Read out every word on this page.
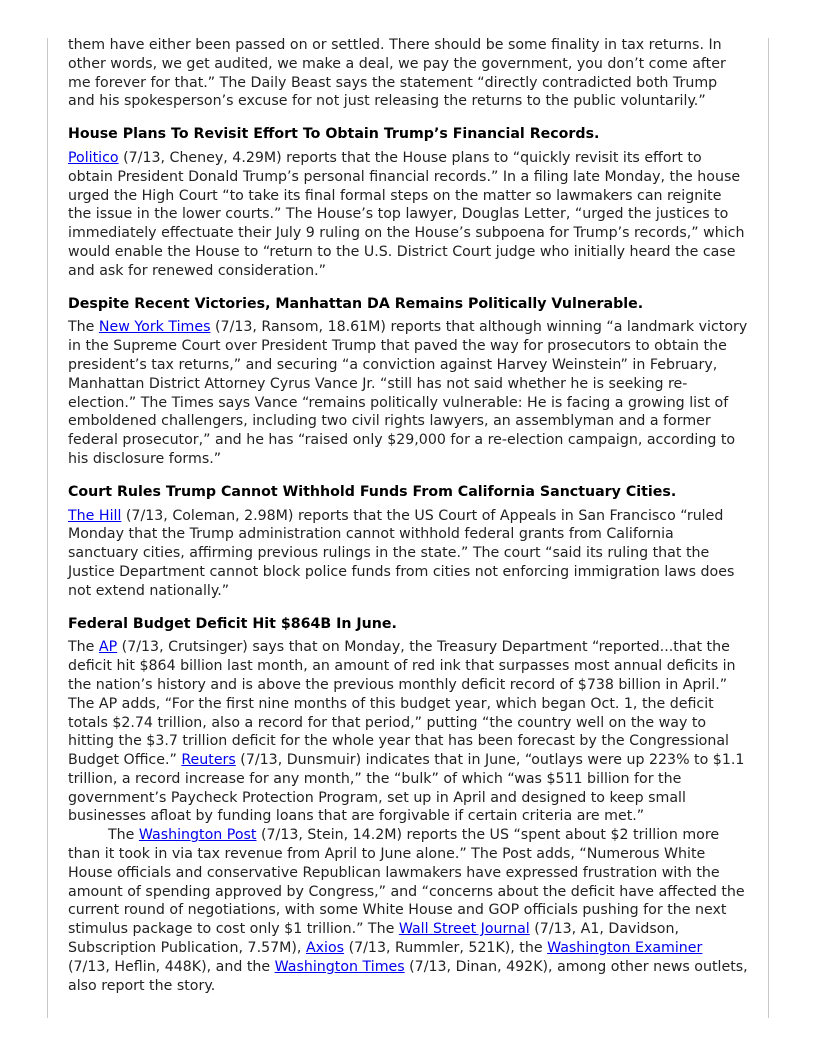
them have either been passed on or settled. There should be some finality in tax returns. In other words, we get audited, we make a deal, we pay the government, you don’t come after me forever for that.” The Daily Beast says the statement “directly contradicted both Trump and his spokesperson’s excuse for not just releasing the returns to the public voluntarily.”

House Plans To Revisit Effort To Obtain Trump’s Financial Records.

Politico (7/13, Cheney, 4.29M) reports that the House plans to “quickly revisit its effort to obtain President Donald Trump’s personal financial records.” In a filing late Monday, the house urged the High Court “to take its final formal steps on the matter so lawmakers can reignite the issue in the lower courts.” The House’s top lawyer, Douglas Letter, “urged the justices to immediately effectuate their July 9 ruling on the House’s subpoena for Trump’s records,” which would enable the House to “return to the U.S. District Court judge who initially heard the case and ask for renewed consideration.”

Despite Recent Victories, Manhattan DA Remains Politically Vulnerable.

The New York Times (7/13, Ransom, 18.61M) reports that although winning “a landmark victory in the Supreme Court over President Trump that paved the way for prosecutors to obtain the president’s tax returns,” and securing “a conviction against Harvey Weinstein” in February, Manhattan District Attorney Cyrus Vance Jr. “still has not said whether he is seeking re-election.” The Times says Vance “remains politically vulnerable: He is facing a growing list of emboldened challengers, including two civil rights lawyers, an assemblyman and a former federal prosecutor,” and he has “raised only $29,000 for a re-election campaign, according to his disclosure forms.”

Court Rules Trump Cannot Withhold Funds From California Sanctuary Cities.

The Hill (7/13, Coleman, 2.98M) reports that the US Court of Appeals in San Francisco “ruled Monday that the Trump administration cannot withhold federal grants from California sanctuary cities, affirming previous rulings in the state.” The court “said its ruling that the Justice Department cannot block police funds from cities not enforcing immigration laws does not extend nationally.”

Federal Budget Deficit Hit $864B In June.

The AP (7/13, Crutsinger) says that on Monday, the Treasury Department “reported...that the deficit hit $864 billion last month, an amount of red ink that surpasses most annual deficits in the nation’s history and is above the previous monthly deficit record of $738 billion in April.” The AP adds, “For the first nine months of this budget year, which began Oct. 1, the deficit totals $2.74 trillion, also a record for that period,” putting “the country well on the way to hitting the $3.7 trillion deficit for the whole year that has been forecast by the Congressional Budget Office.” Reuters (7/13, Dunsmuir) indicates that in June, “outlays were up 223% to $1.1 trillion, a record increase for any month,” the “bulk” of which “was $511 billion for the government’s Paycheck Protection Program, set up in April and designed to keep small businesses afloat by funding loans that are forgivable if certain criteria are met.”

The Washington Post (7/13, Stein, 14.2M) reports the US “spent about $2 trillion more than it took in via tax revenue from April to June alone.” The Post adds, “Numerous White House officials and conservative Republican lawmakers have expressed frustration with the amount of spending approved by Congress,” and “concerns about the deficit have affected the current round of negotiations, with some White House and GOP officials pushing for the next stimulus package to cost only $1 trillion.” The Wall Street Journal (7/13, A1, Davidson, Subscription Publication, 7.57M), Axios (7/13, Rummler, 521K), the Washington Examiner (7/13, Heflin, 448K), and the Washington Times (7/13, Dinan, 492K), among other news outlets, also report the story.
